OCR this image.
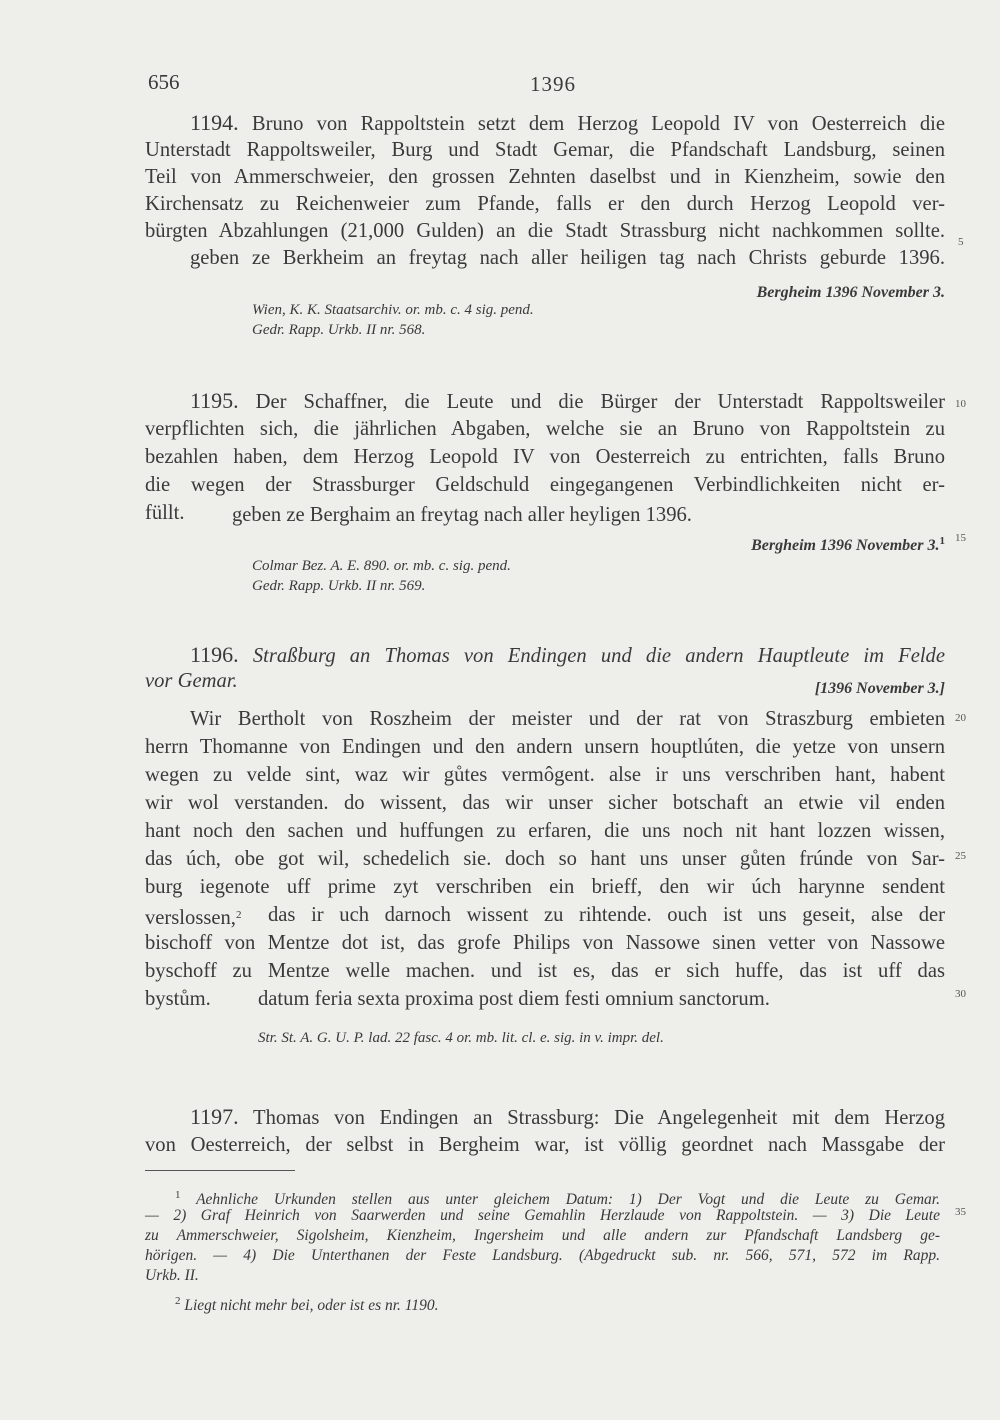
656	1396
1194. Bruno von Rappoltstein setzt dem Herzog Leopold IV von Oesterreich die
Unterstadt Rappoltsweiler, Burg und Stadt Gemar, die Pfandschaft Landsburg, seinen
Teil von Ammerschweier, den grossen Zehnten daselbst und in Kienzheim, sowie den
Kirchensatz zu Reichenweier zum Pfande, falls er den durch Herzog Leopold ver-
bürgten Abzahlungen (21,000 Gulden) an die Stadt Strassburg nicht nachkommen sollte.
geben ze Berkheim an freytag nach aller heiligen tag nach Christs geburde 1396.
Bergheim 1396 November 3.
Wien, K. K. Staatsarchiv. or. mb. c. 4 sig. pend.
Gedr. Rapp. Urkb. II nr. 568.
1195. Der Schaffner, die Leute und die Bürger der Unterstadt Rappoltsweiler
verpflichten sich, die jährlichen Abgaben, welche sie an Bruno von Rappoltstein zu
bezahlen haben, dem Herzog Leopold IV von Oesterreich zu entrichten, falls Bruno
die wegen der Strassburger Geldschuld eingegangenen Verbindlichkeiten nicht er-
füllt. geben ze Berghaim an freytag nach aller heyligen 1396.
Bergheim 1396 November 3.$^1$
Colmar Bez. A. E. 890. or. mb. c. sig. pend.
Gedr. Rapp. Urkb. II nr. 569.
1196. Straßburg an Thomas von Endingen und die andern Hauptleute im Felde
vor Gemar.	[1396 November 3.]
Wir Bertholt von Roszheim der meister und der rat von Straszburg embieten
herrn Thomanne von Endingen und den andern unsern houptlúten, die yetze von unsern
wegen zu velde sint, waz wir gůtes vermôgent. alse ir uns verschriben hant, habent
wir wol verstanden. do wissent, das wir unser sicher botschaft an etwie vil enden
hant noch den sachen und huffungen zu erfaren, die uns noch nit hant lozzen wissen,
das úch, obe got wil, schedelich sie. doch so hant uns unser gůten frúnde von Sar-
burg iegenote uff prime zyt verschriben ein brieff, den wir úch harynne sendent
verslossen,$^2$ das ir uch darnoch wissent zu rihtende. ouch ist uns geseit, alse der
bischoff von Mentze dot ist, das grofe Philips von Nassowe sinen vetter von Nassowe
byschoff zu Mentze welle machen. und ist es, das er sich huffe, das ist uff das
bystům. datum feria sexta proxima post diem festi omnium sanctorum.
Str. St. A. G. U. P. lad. 22 fasc. 4 or. mb. lit. cl. e. sig. in v. impr. del.
1197. Thomas von Endingen an Strassburg: Die Angelegenheit mit dem Herzog
von Oesterreich, der selbst in Bergheim war, ist völlig geordnet nach Massgabe der
$^1$ Aehnliche Urkunden stellen aus unter gleichem Datum: 1) Der Vogt und die Leute zu Gemar.
— 2) Graf Heinrich von Saarwerden und seine Gemahlin Herzlaude von Rappoltstein. — 3) Die Leute
zu Ammerschweier, Sigolsheim, Kienzheim, Ingersheim und alle andern zur Pfandschaft Landsberg ge-
hörigen. — 4) Die Unterthanen der Feste Landsburg. (Abgedruckt sub. nr. 566, 571, 572 im Rapp.
Urkb. II.
$^2$ Liegt nicht mehr bei, oder ist es nr. 1190.
5
10
15
20
25
30
35
